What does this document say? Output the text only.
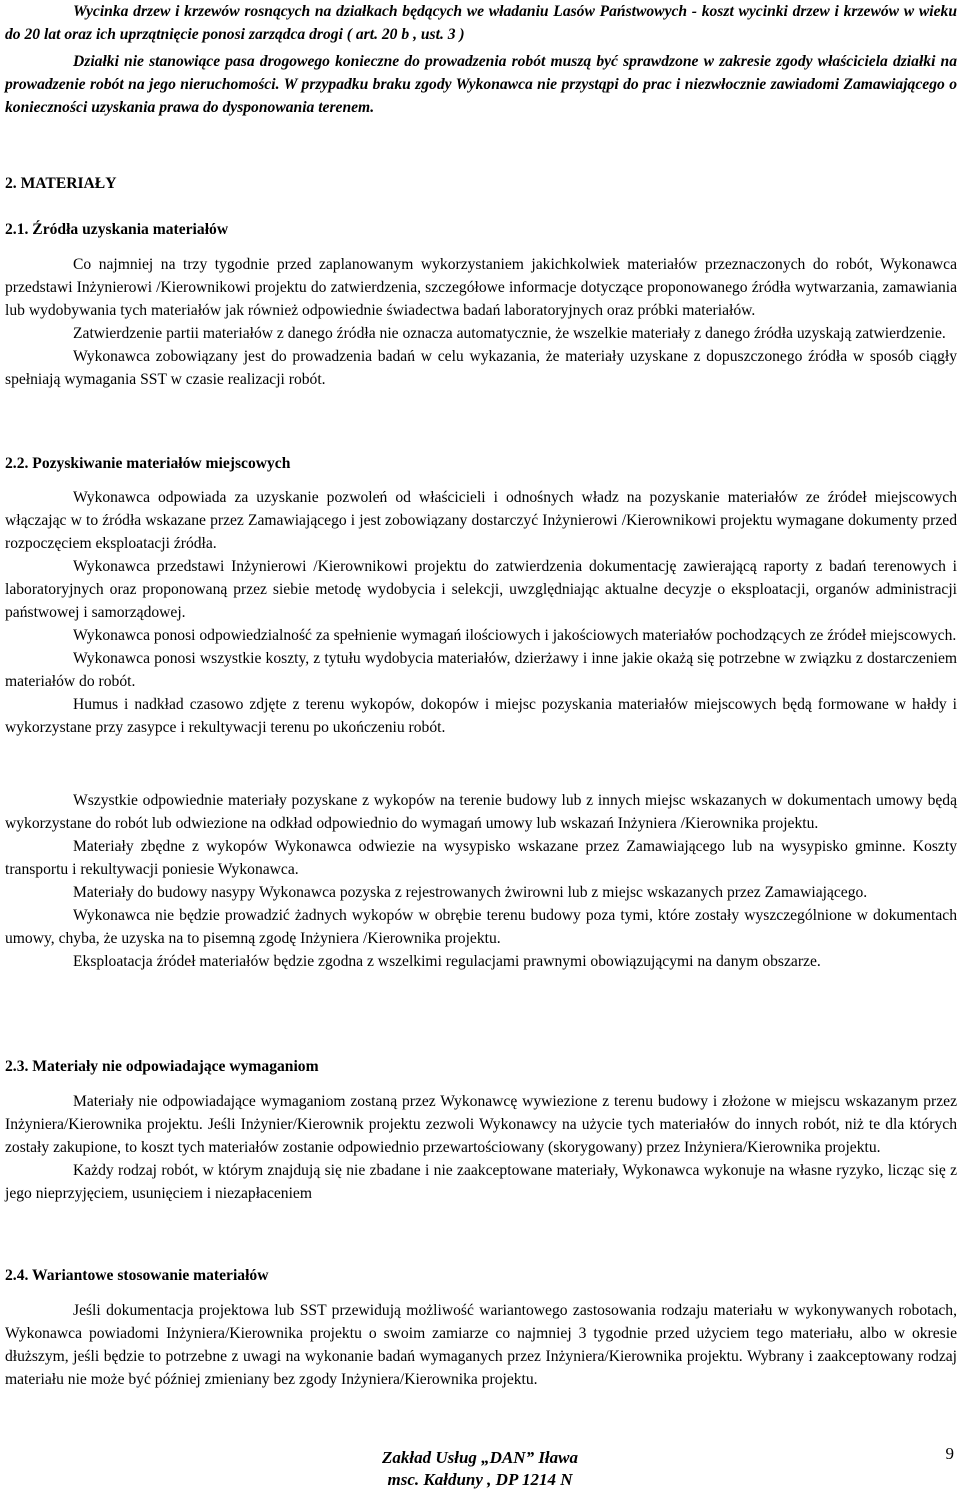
Wycinka drzew i krzewów rosnących na działkach będących we władaniu Lasów Państwowych - koszt wycinki drzew i krzewów w wieku do 20 lat oraz ich uprzątnięcie ponosi zarządca drogi ( art. 20 b , ust. 3 )

Działki nie stanowiące pasa drogowego konieczne do prowadzenia robót muszą być sprawdzone w zakresie zgody właściciela działki na prowadzenie robót na jego nieruchomości. W przypadku braku zgody Wykonawca nie przystąpi do prac i niezwłocznie zawiadomi Zamawiającego o konieczności uzyskania prawa do dysponowania terenem.

2. MATERIAŁY

2.1. Źródła uzyskania materiałów

Co najmniej na trzy tygodnie przed zaplanowanym wykorzystaniem jakichkolwiek materiałów przeznaczonych do robót, Wykonawca przedstawi Inżynierowi /Kierownikowi projektu do zatwierdzenia, szczegółowe informacje dotyczące proponowanego źródła wytwarzania, zamawiania lub wydobywania tych materiałów jak również odpowiednie świadectwa badań laboratoryjnych oraz próbki materiałów.

Zatwierdzenie partii materiałów z danego źródła nie oznacza automatycznie, że wszelkie materiały z danego źródła uzyskają zatwierdzenie.

Wykonawca zobowiązany jest do prowadzenia badań w celu wykazania, że materiały uzyskane z dopuszczonego źródła w sposób ciągły spełniają wymagania SST w czasie realizacji robót.

2.2. Pozyskiwanie materiałów miejscowych

Wykonawca odpowiada za uzyskanie pozwoleń od właścicieli i odnośnych władz na pozyskanie materiałów ze źródeł miejscowych włączając w to źródła wskazane przez Zamawiającego i jest zobowiązany dostarczyć Inżynierowi /Kierownikowi projektu wymagane dokumenty przed rozpoczęciem eksploatacji źródła.

Wykonawca przedstawi Inżynierowi /Kierownikowi projektu do zatwierdzenia dokumentację zawierającą raporty z badań terenowych i laboratoryjnych oraz proponowaną przez siebie metodę wydobycia i selekcji, uwzględniając aktualne decyzje o eksploatacji, organów administracji państwowej i samorządowej.

Wykonawca ponosi odpowiedzialność za spełnienie wymagań ilościowych i jakościowych materiałów pochodzących ze źródeł miejscowych.

Wykonawca ponosi wszystkie koszty, z tytułu wydobycia materiałów, dzierżawy i inne jakie okażą się potrzebne w związku z dostarczeniem materiałów do robót.

Humus i nadkład czasowo zdjęte z terenu wykopów, dokopów i miejsc pozyskania materiałów miejscowych będą formowane w hałdy i wykorzystane przy zasypce i rekultywacji terenu po ukończeniu robót.

Wszystkie odpowiednie materiały pozyskane z wykopów na terenie budowy lub z innych miejsc wskazanych w dokumentach umowy będą wykorzystane do robót lub odwiezione na odkład odpowiednio do wymagań umowy lub wskazań Inżyniera /Kierownika projektu.

Materiały zbędne z wykopów Wykonawca odwiezie na wysypisko wskazane przez Zamawiającego lub na wysypisko gminne. Koszty transportu i rekultywacji poniesie Wykonawca.

Materiały do budowy nasypy Wykonawca pozyska z rejestrowanych żwirowni lub z miejsc wskazanych przez Zamawiającego.

Wykonawca nie będzie prowadzić żadnych wykopów w obrębie terenu budowy poza tymi, które zostały wyszczególnione w dokumentach umowy, chyba, że uzyska na to pisemną zgodę Inżyniera /Kierownika projektu.

Eksploatacja źródeł materiałów będzie zgodna z wszelkimi regulacjami prawnymi obowiązującymi na danym obszarze.

2.3. Materiały nie odpowiadające wymaganiom

Materiały nie odpowiadające wymaganiom zostaną przez Wykonawcę wywiezione z terenu budowy i złożone w miejscu wskazanym przez Inżyniera/Kierownika projektu. Jeśli Inżynier/Kierownik projektu zezwoli Wykonawcy na użycie tych materiałów do innych robót, niż te dla których zostały zakupione, to koszt tych materiałów zostanie odpowiednio przewartościowany (skorygowany) przez Inżyniera/Kierownika projektu.

Każdy rodzaj robót, w którym znajdują się nie zbadane i nie zaakceptowane materiały, Wykonawca wykonuje na własne ryzyko, licząc się z jego nieprzyjęciem, usunięciem i niezapłaceniem

2.4. Wariantowe stosowanie materiałów

Jeśli dokumentacja projektowa lub SST przewidują możliwość wariantowego zastosowania rodzaju materiału w wykonywanych robotach, Wykonawca powiadomi Inżyniera/Kierownika projektu o swoim zamiarze co najmniej 3 tygodnie przed użyciem tego materiału, albo w okresie dłuższym, jeśli będzie to potrzebne z uwagi na wykonanie badań wymaganych przez Inżyniera/Kierownika projektu. Wybrany i zaakceptowany rodzaj materiału nie może być później zmieniany bez zgody Inżyniera/Kierownika projektu.

Zakład Usług „DAN” Iława

msc. Kałduny , DP 1214 N

9
